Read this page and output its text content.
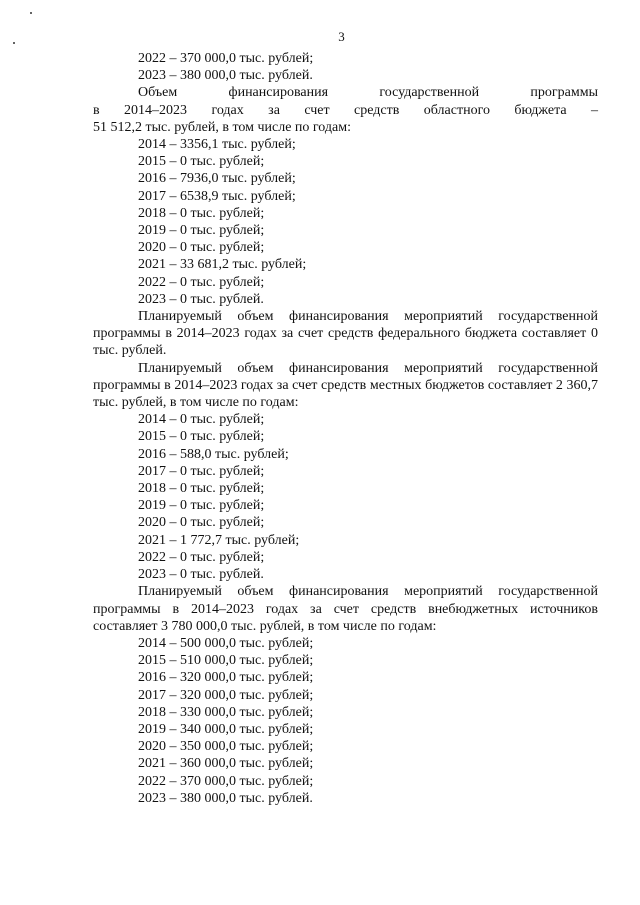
3
2022 – 370 000,0 тыс. рублей;
2023 – 380 000,0 тыс. рублей.
Объем	финансирования	государственной	программы
в 2014–2023 годах за счет средств областного бюджета –
51 512,2 тыс. рублей, в том числе по годам:
2014 – 3356,1 тыс. рублей;
2015 – 0 тыс. рублей;
2016 – 7936,0 тыс. рублей;
2017 – 6538,9 тыс. рублей;
2018 – 0 тыс. рублей;
2019 – 0 тыс. рублей;
2020 – 0 тыс. рублей;
2021 – 33 681,2 тыс. рублей;
2022 – 0 тыс. рублей;
2023 – 0 тыс. рублей.
Планируемый объем финансирования мероприятий государственной программы в 2014–2023 годах за счет средств федерального бюджета составляет 0 тыс. рублей.
Планируемый объем финансирования мероприятий государственной программы в 2014–2023 годах за счет средств местных бюджетов составляет 2 360,7 тыс. рублей, в том числе по годам:
2014 – 0 тыс. рублей;
2015 – 0 тыс. рублей;
2016 – 588,0 тыс. рублей;
2017 – 0 тыс. рублей;
2018 – 0 тыс. рублей;
2019 – 0 тыс. рублей;
2020 – 0 тыс. рублей;
2021 – 1 772,7 тыс. рублей;
2022 – 0 тыс. рублей;
2023 – 0 тыс. рублей.
Планируемый объем финансирования мероприятий государственной программы в 2014–2023 годах за счет средств внебюджетных источников составляет 3 780 000,0 тыс. рублей, в том числе по годам:
2014 – 500 000,0 тыс. рублей;
2015 – 510 000,0 тыс. рублей;
2016 – 320 000,0 тыс. рублей;
2017 – 320 000,0 тыс. рублей;
2018 – 330 000,0 тыс. рублей;
2019 – 340 000,0 тыс. рублей;
2020 – 350 000,0 тыс. рублей;
2021 – 360 000,0 тыс. рублей;
2022 – 370 000,0 тыс. рублей;
2023 – 380 000,0 тыс. рублей.
